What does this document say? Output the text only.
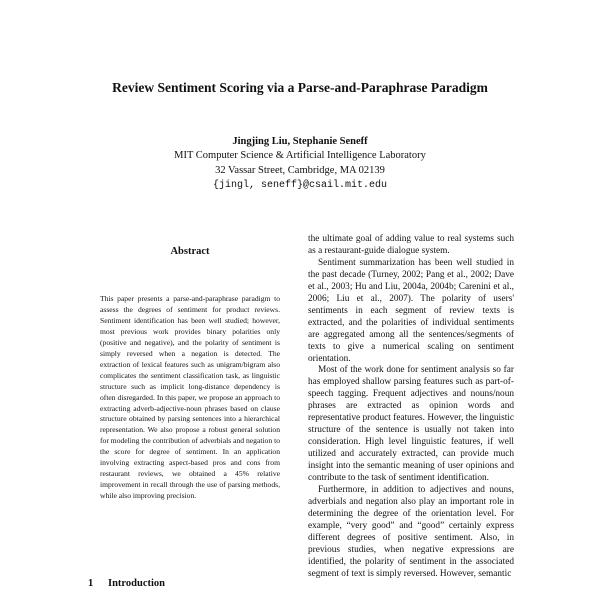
Review Sentiment Scoring via a Parse-and-Paraphrase Paradigm
Jingjing Liu, Stephanie Seneff
MIT Computer Science & Artificial Intelligence Laboratory
32 Vassar Street, Cambridge, MA 02139
{jingl, seneff}@csail.mit.edu
Abstract
This paper presents a parse-and-paraphrase paradigm to assess the degrees of sentiment for product reviews. Sentiment identification has been well studied; however, most previous work provides binary polarities only (positive and negative), and the polarity of sentiment is simply reversed when a negation is detected. The extraction of lexical features such as unigram/bigram also complicates the sentiment classification task, as linguistic structure such as implicit long-distance dependency is often disregarded. In this paper, we propose an approach to extracting adverb-adjective-noun phrases based on clause structure obtained by parsing sentences into a hierarchical representation. We also propose a robust general solution for modeling the contribution of adverbials and negation to the score for degree of sentiment. In an application involving extracting aspect-based pros and cons from restaurant reviews, we obtained a 45% relative improvement in recall through the use of parsing methods, while also improving precision.
1 Introduction

the ultimate goal of adding value to real systems such as a restaurant-guide dialogue system.

Sentiment summarization has been well studied in the past decade (Turney, 2002; Pang et al., 2002; Dave et al., 2003; Hu and Liu, 2004a, 2004b; Carenini et al., 2006; Liu et al., 2007). The polarity of users' sentiments in each segment of review texts is extracted, and the polarities of individual sentiments are aggregated among all the sentences/segments of texts to give a numerical scaling on sentiment orientation.

Most of the work done for sentiment analysis so far has employed shallow parsing features such as part-of-speech tagging. Frequent adjectives and nouns/noun phrases are extracted as opinion words and representative product features. However, the linguistic structure of the sentence is usually not taken into consideration. High level linguistic features, if well utilized and accurately extracted, can provide much insight into the semantic meaning of user opinions and contribute to the task of sentiment identification.

Furthermore, in addition to adjectives and nouns, adverbials and negation also play an important role in determining the degree of the orientation level. For example, “very good” and “good” certainly express different degrees of positive sentiment. Also, in previous studies, when negative expressions are identified, the polarity of sentiment in the associated segment of text is simply reversed. However, semantic
